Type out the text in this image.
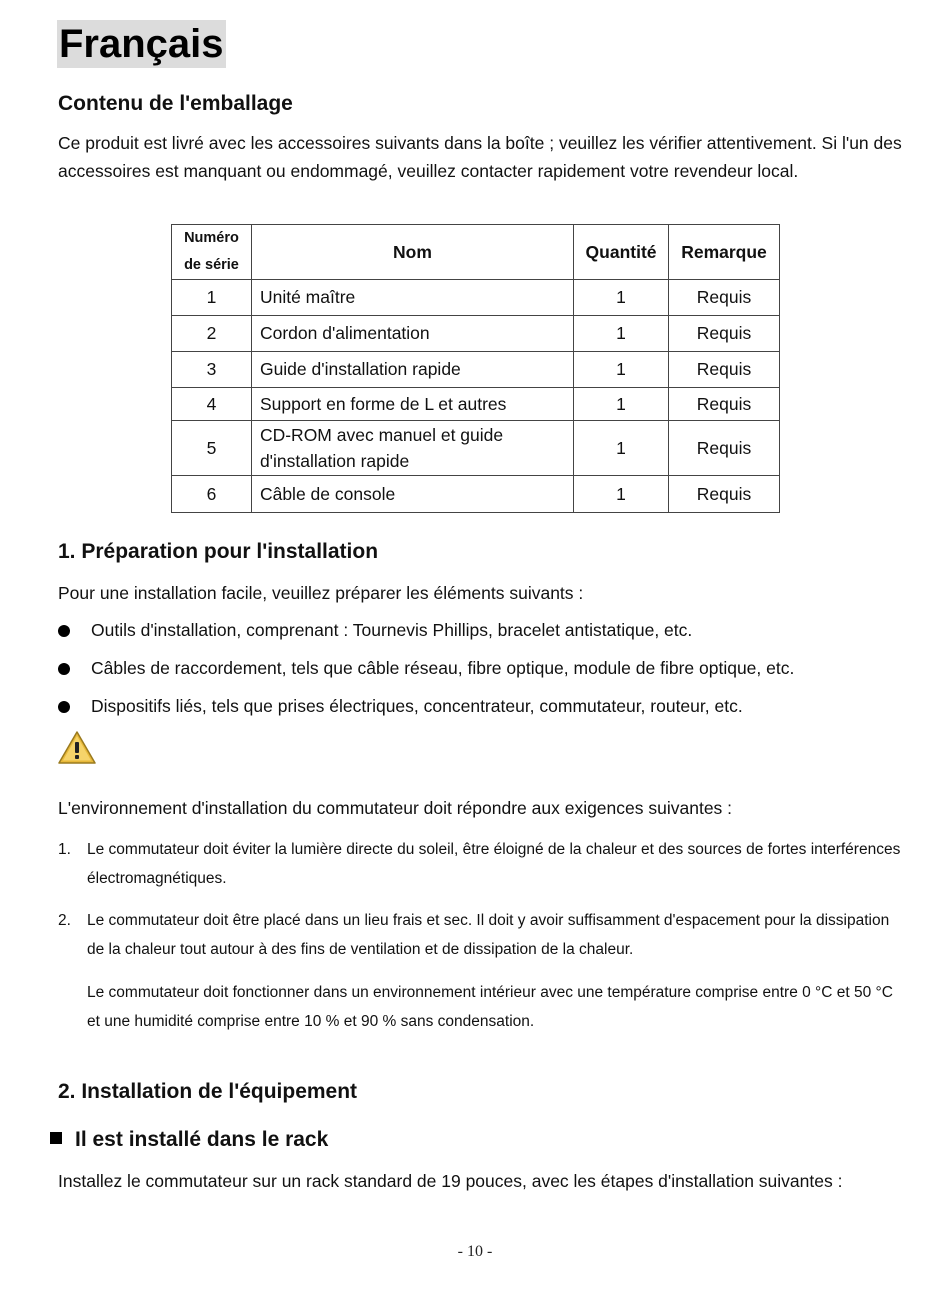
Français
Contenu de l'emballage
Ce produit est livré avec les accessoires suivants dans la boîte ; veuillez les vérifier attentivement. Si l'un des accessoires est manquant ou endommagé, veuillez contacter rapidement votre revendeur local.
Numéro
de série	Nom	Quantité	Remarque
1	Unité maître	1	Requis
2	Cordon d'alimentation	1	Requis
3	Guide d'installation rapide	1	Requis
4	Support en forme de L et autres	1	Requis
5	CD-ROM avec manuel et guide d'installation rapide	1	Requis
6	Câble de console	1	Requis
1. Préparation pour l'installation
Pour une installation facile, veuillez préparer les éléments suivants :
Outils d'installation, comprenant : Tournevis Phillips, bracelet antistatique, etc.
Câbles de raccordement, tels que câble réseau, fibre optique, module de fibre optique, etc.
Dispositifs liés, tels que prises électriques, concentrateur, commutateur, routeur, etc.
L'environnement d'installation du commutateur doit répondre aux exigences suivantes :
1. Le commutateur doit éviter la lumière directe du soleil, être éloigné de la chaleur et des sources de fortes interférences électromagnétiques.
2. Le commutateur doit être placé dans un lieu frais et sec. Il doit y avoir suffisamment d'espacement pour la dissipation de la chaleur tout autour à des fins de ventilation et de dissipation de la chaleur.
Le commutateur doit fonctionner dans un environnement intérieur avec une température comprise entre 0 °C et 50 °C et une humidité comprise entre 10 % et 90 % sans condensation.
2. Installation de l'équipement
Il est installé dans le rack
Installez le commutateur sur un rack standard de 19 pouces, avec les étapes d'installation suivantes :
- 10 -
